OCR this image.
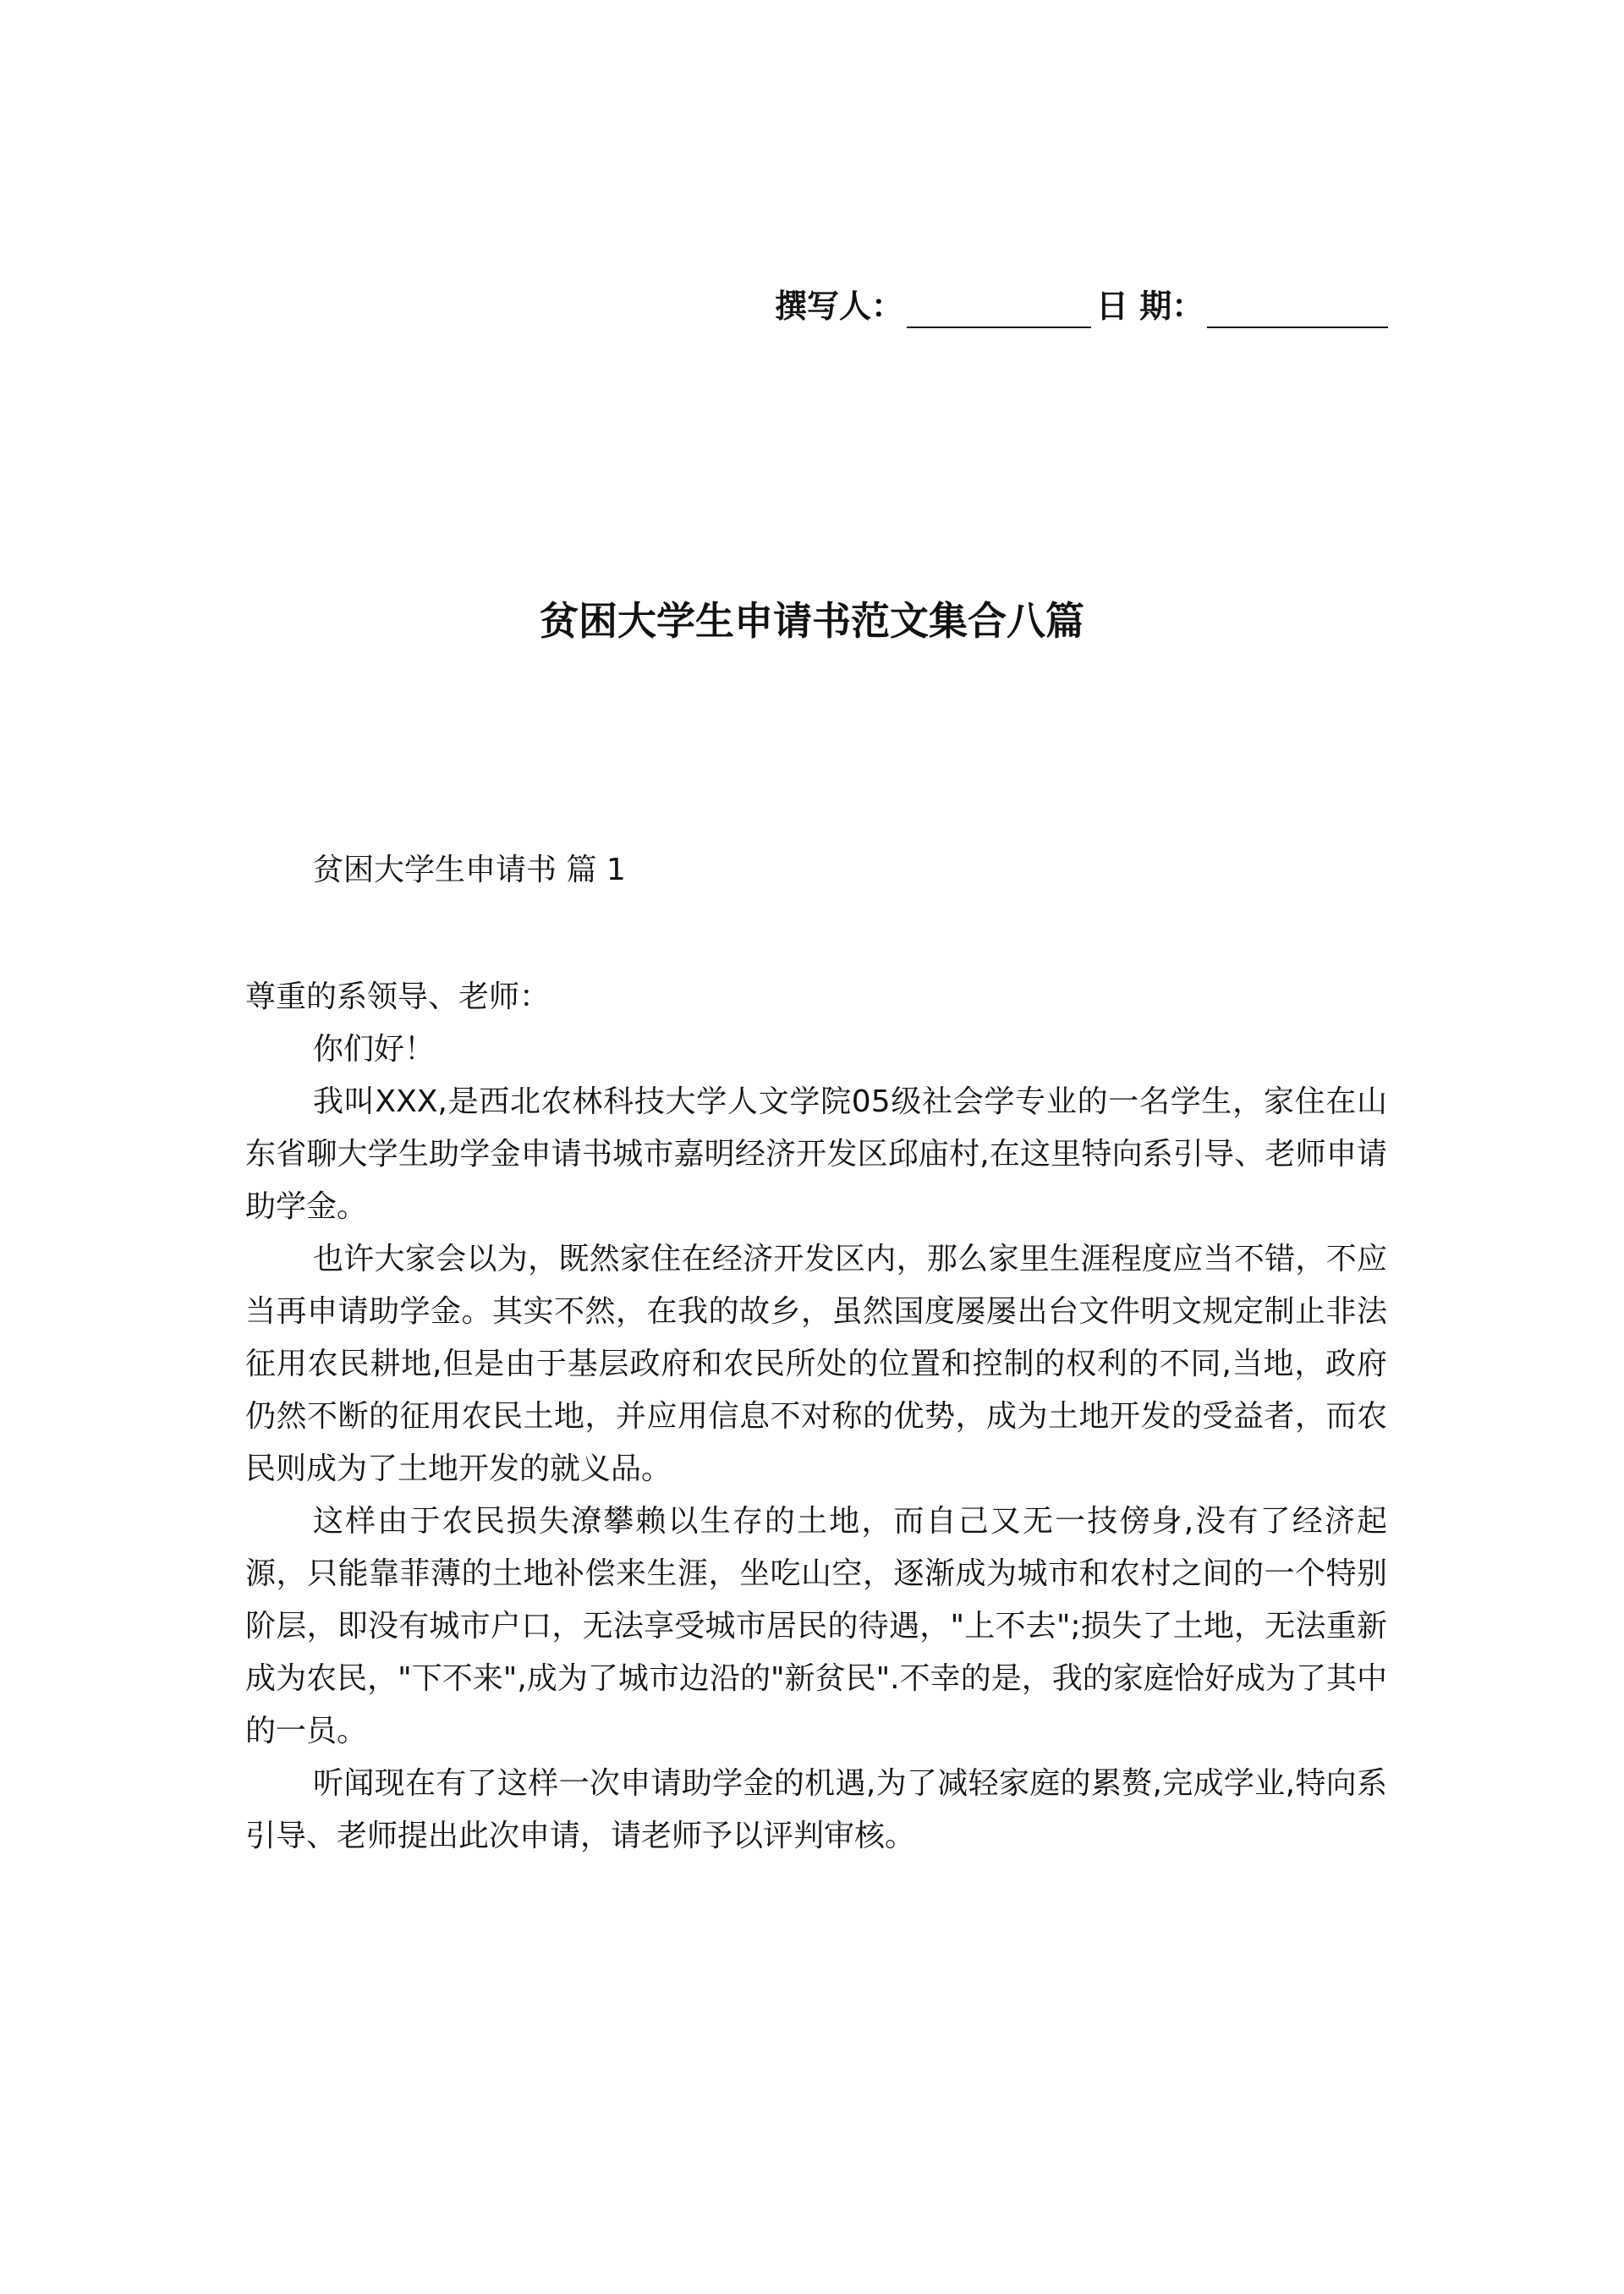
撰写人：	日 期：
贫困大学生申请书范文集合八篇
贫困大学生申请书 篇 1

尊重的系领导、老师：

你们好！

我叫XXX,是西北农林科技大学人文学院05级社会学专业的一名学生，家住在山东省聊大学生助学金申请书城市嘉明经济开发区邱庙村,在这里特向系引导、老师申请助学金。

也许大家会以为，既然家住在经济开发区内，那么家里生涯程度应当不错，不应当再申请助学金。其实不然，在我的故乡，虽然国度屡屡出台文件明文规定制止非法征用农民耕地,但是由于基层政府和农民所处的位置和控制的权利的不同,当地，政府仍然不断的征用农民土地，并应用信息不对称的优势，成为土地开发的受益者，而农民则成为了土地开发的就义品。

这样由于农民损失潦攀赖以生存的土地，而自己又无一技傍身,没有了经济起源，只能靠菲薄的土地补偿来生涯，坐吃山空，逐渐成为城市和农村之间的一个特别阶层，即没有城市户口，无法享受城市居民的待遇，"上不去";损失了土地，无法重新成为农民，"下不来",成为了城市边沿的"新贫民".不幸的是，我的家庭恰好成为了其中的一员。

听闻现在有了这样一次申请助学金的机遇,为了减轻家庭的累赘,完成学业,特向系引导、老师提出此次申请，请老师予以评判审核。
